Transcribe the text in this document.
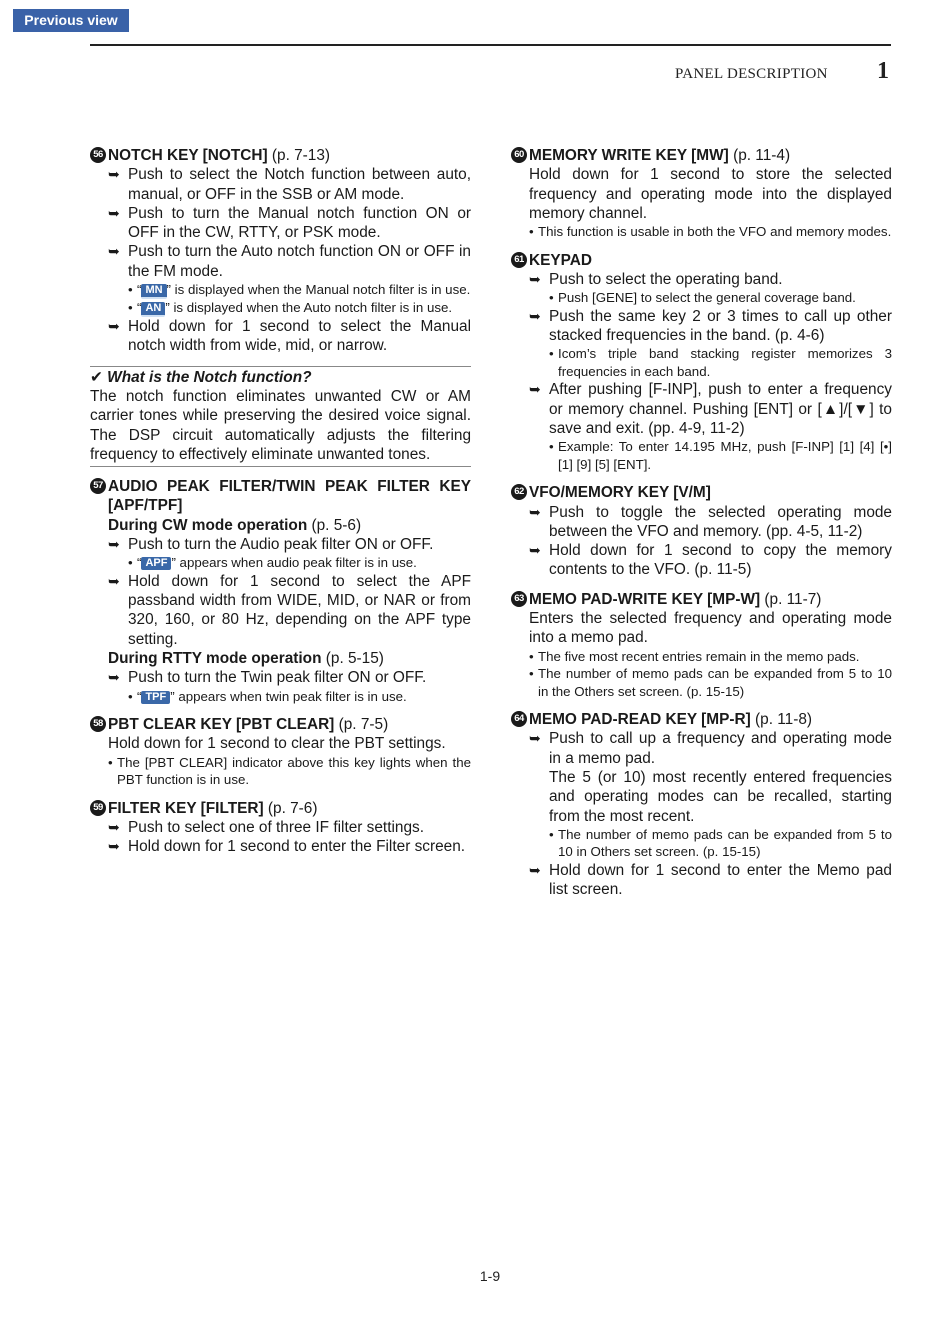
Previous view
PANEL DESCRIPTION 1
56 NOTCH KEY [NOTCH] (p. 7-13)
➥ Push to select the Notch function between auto, manual, or OFF in the SSB or AM mode.
➥ Push to turn the Manual notch function ON or OFF in the CW, RTTY, or PSK mode.
➥ Push to turn the Auto notch function ON or OFF in the FM mode.
• “ MN ” is displayed when the Manual notch filter is in use.
• “ AN ” is displayed when the Auto notch filter is in use.
➥ Hold down for 1 second to select the Manual notch width from wide, mid, or narrow.
✔ What is the Notch function?
The notch function eliminates unwanted CW or AM carrier tones while preserving the desired voice signal. The DSP circuit automatically adjusts the filtering frequency to effectively eliminate unwanted tones.
57 AUDIO PEAK FILTER/TWIN PEAK FILTER KEY [APF/TPF]
During CW mode operation (p. 5-6)
➥ Push to turn the Audio peak filter ON or OFF.
• “ APF ” appears when audio peak filter is in use.
➥ Hold down for 1 second to select the APF passband width from WIDE, MID, or NAR or from 320, 160, or 80 Hz, depending on the APF type setting.
During RTTY mode operation (p. 5-15)
➥ Push to turn the Twin peak filter ON or OFF.
• “ TPF ” appears when twin peak filter is in use.
58 PBT CLEAR KEY [PBT CLEAR] (p. 7-5)
Hold down for 1 second to clear the PBT settings.
• The [PBT CLEAR] indicator above this key lights when the PBT function is in use.
59 FILTER KEY [FILTER] (p. 7-6)
➥ Push to select one of three IF filter settings.
➥ Hold down for 1 second to enter the Filter screen.
60 MEMORY WRITE KEY [MW] (p. 11-4)
Hold down for 1 second to store the selected frequency and operating mode into the displayed memory channel.
• This function is usable in both the VFO and memory modes.
61 KEYPAD
➥ Push to select the operating band.
• Push [GENE] to select the general coverage band.
➥ Push the same key 2 or 3 times to call up other stacked frequencies in the band. (p. 4-6)
• Icom’s triple band stacking register memorizes 3 frequencies in each band.
➥ After pushing [F-INP], push to enter a frequency or memory channel. Pushing [ENT] or [▲]/[▼] to save and exit. (pp. 4-9, 11-2)
• Example: To enter 14.195 MHz, push [F-INP] [1] [4] [•] [1] [9] [5] [ENT].
62 VFO/MEMORY KEY [V/M]
➥ Push to toggle the selected operating mode between the VFO and memory. (pp. 4-5, 11-2)
➥ Hold down for 1 second to copy the memory contents to the VFO. (p. 11-5)
63 MEMO PAD-WRITE KEY [MP-W] (p. 11-7)
Enters the selected frequency and operating mode into a memo pad.
• The five most recent entries remain in the memo pads.
• The number of memo pads can be expanded from 5 to 10 in the Others set screen. (p. 15-15)
64 MEMO PAD-READ KEY [MP-R] (p. 11-8)
➥ Push to call up a frequency and operating mode in a memo pad.
The 5 (or 10) most recently entered frequencies and operating modes can be recalled, starting from the most recent.
• The number of memo pads can be expanded from 5 to 10 in Others set screen. (p. 15-15)
➥ Hold down for 1 second to enter the Memo pad list screen.
1-9
